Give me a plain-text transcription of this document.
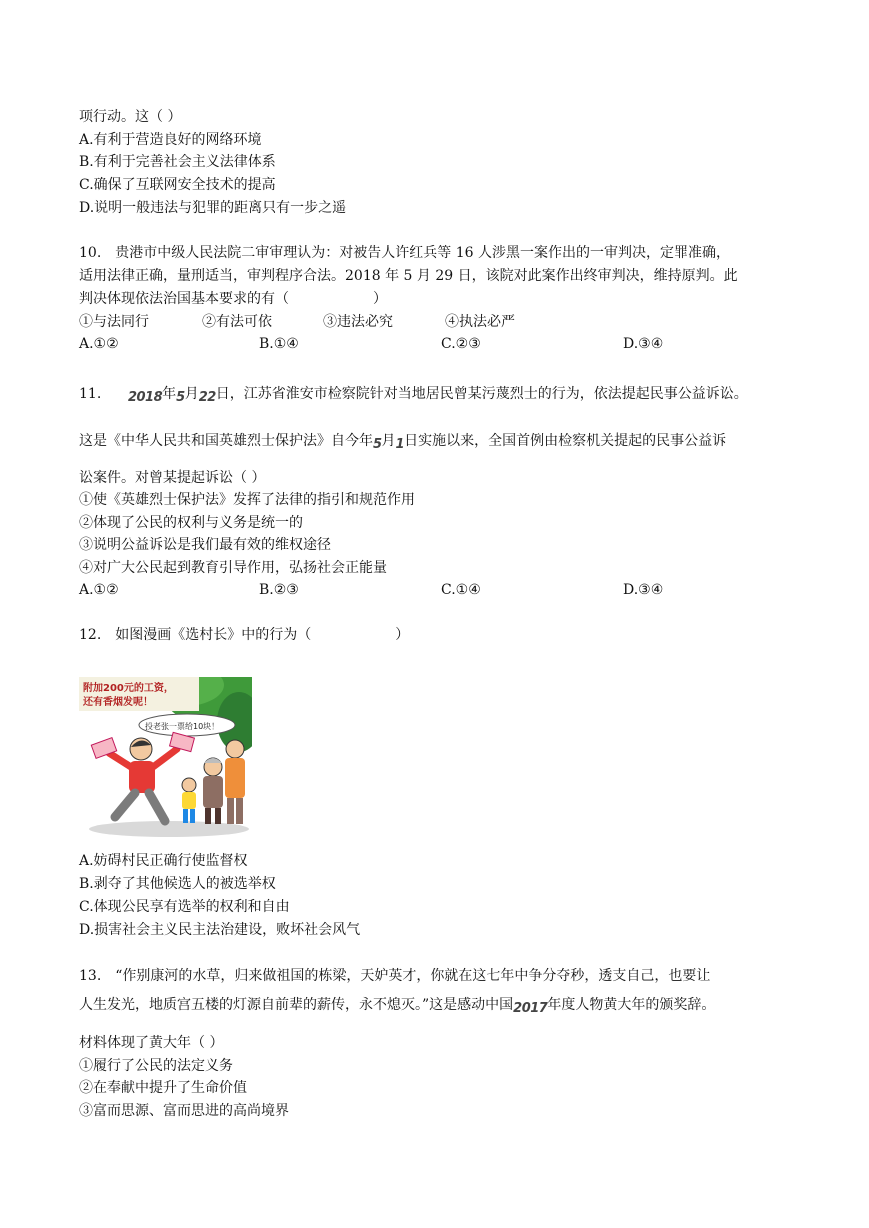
项行动。这（ ）
A.有利于营造良好的网络环境
B.有利于完善社会主义法律体系
C.确保了互联网安全技术的提高
D.说明一般违法与犯罪的距离只有一步之遥
10.　贵港市中级人民法院二审审理认为：对被告人许红兵等 16 人涉黑一案作出的一审判决，定罪准确，
适用法律正确，量刑适当，审判程序合法。2018 年 5 月 29 日，该院对此案作出终审判决，维持原判。此
判决体现依法治国基本要求的有（　　　　　　）
①与法同行	②有法可依	③违法必究	④执法必严
A.①②	B.①④	C.②③	D.③④
11. 2018年5月22日，江苏省淮安市检察院针对当地居民曾某污蔑烈士的行为，依法提起民事公益诉讼。
这是《中华人民共和国英雄烈士保护法》自今年5月1日实施以来，全国首例由检察机关提起的民事公益诉
讼案件。对曾某提起诉讼（ ）
①使《英雄烈士保护法》发挥了法律的指引和规范作用
②体现了公民的权利与义务是统一的
③说明公益诉讼是我们最有效的维权途径
④对广大公民起到教育引导作用，弘扬社会正能量
A.①②	B.②③	C.①④	D.③④
12.　如图漫画《选村长》中的行为（　　　　　　）
附加200元的工资，
还有香烟发呢！
投老张一票给10块！
A.妨碍村民正确行使监督权
B.剥夺了其他候选人的被选举权
C.体现公民享有选举的权利和自由
D.损害社会主义民主法治建设，败坏社会风气
13.　“作别康河的水草，归来做祖国的栋梁，天妒英才，你就在这七年中争分夺秒，透支自己，也要让
人生发光，地质宫五楼的灯源自前辈的薪传，永不熄灭。”这是感动中国2017年度人物黄大年的颁奖辞。
材料体现了黄大年（ ）
①履行了公民的法定义务
②在奉献中提升了生命价值
③富而思源、富而思进的高尚境界
